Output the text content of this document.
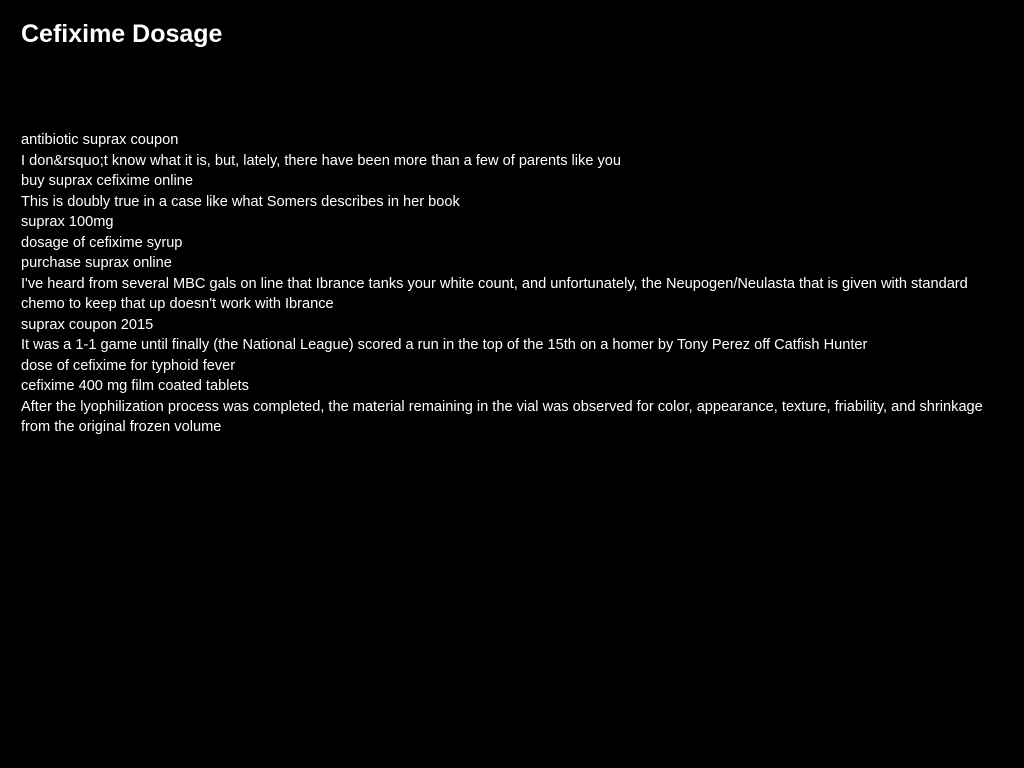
Cefixime Dosage
antibiotic suprax coupon
I don&rsquo;t know what it is, but, lately, there have been more than a few of parents like you
buy suprax cefixime online
This is doubly true in a case like what Somers describes in her book
suprax 100mg
dosage of cefixime syrup
purchase suprax online
I've heard from several MBC gals on line that Ibrance tanks your white count, and unfortunately, the Neupogen/Neulasta that is given with standard chemo to keep that up doesn't work with Ibrance
suprax coupon 2015
It was a 1-1 game until finally (the National League) scored a run in the top of the 15th on a homer by Tony Perez off Catfish Hunter
dose of cefixime for typhoid fever
cefixime 400 mg film coated tablets
After the lyophilization process was completed, the material remaining in the vial was observed for color, appearance, texture, friability, and shrinkage from the original frozen volume
